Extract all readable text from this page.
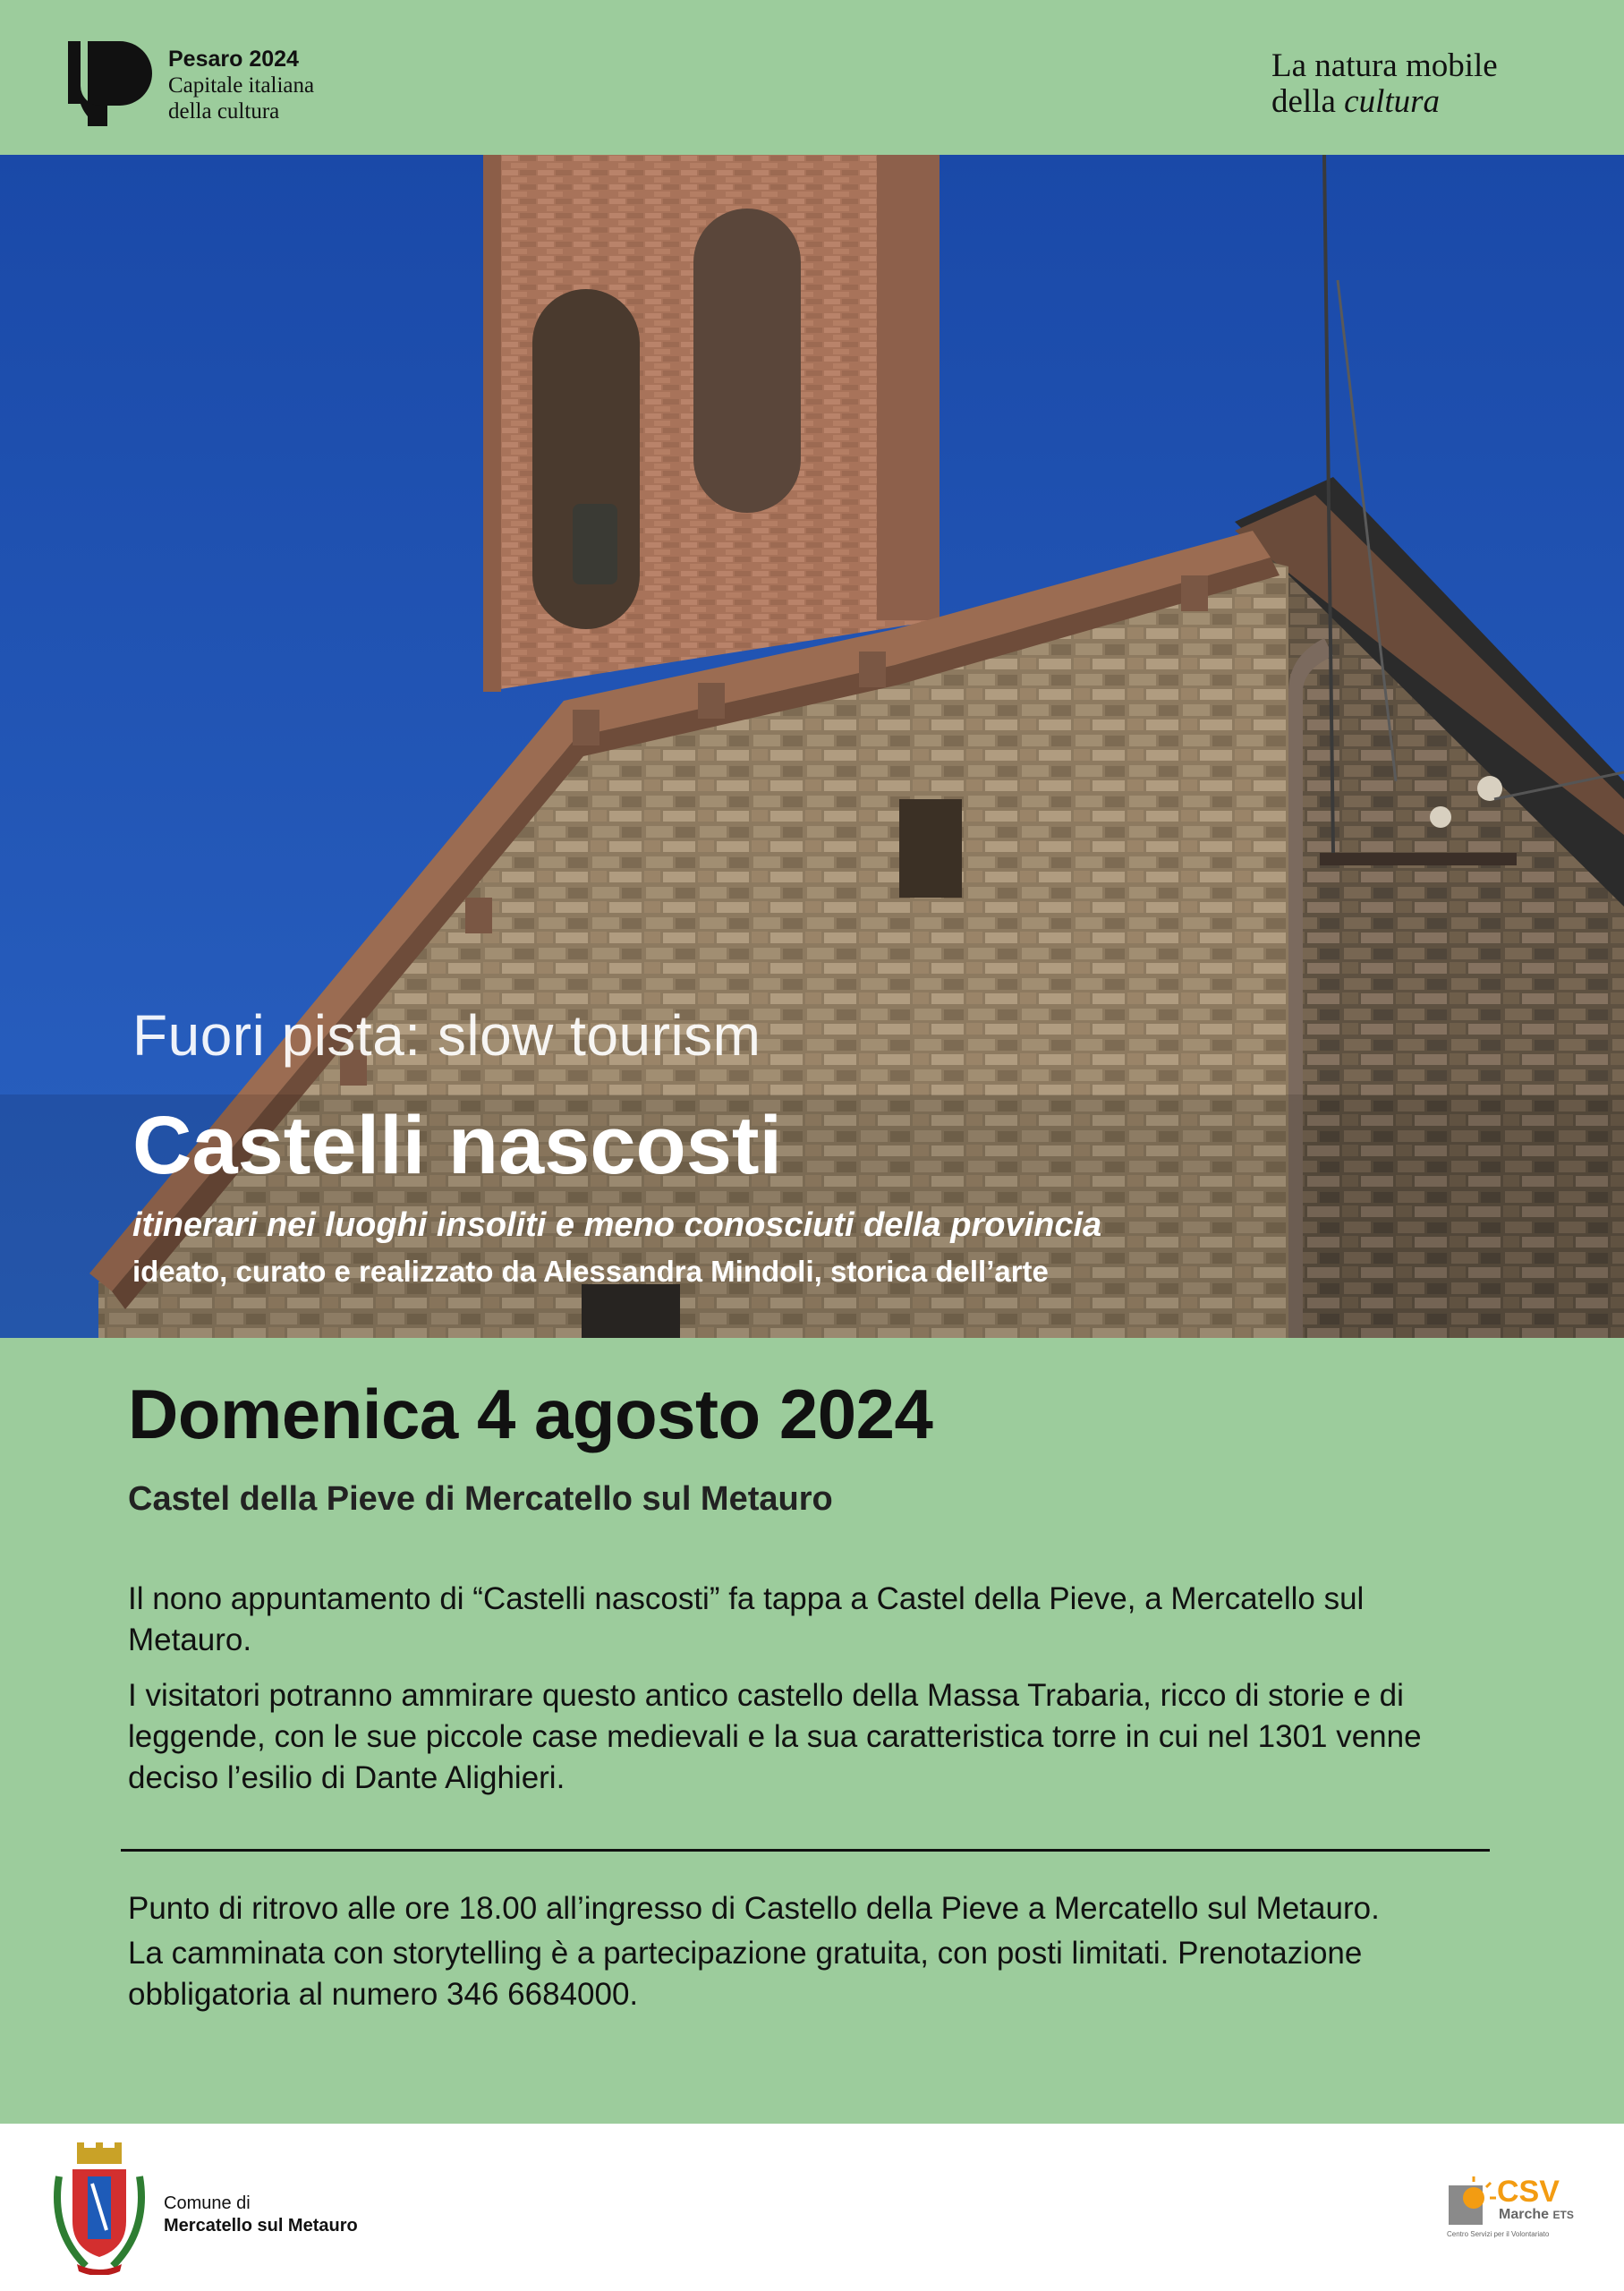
Pesaro 2024
Capitale italiana
della cultura
La natura mobile
della cultura
Fuori pista: slow tourism
Castelli nascosti
itinerari nei luoghi insoliti e meno conosciuti della provincia
ideato, curato e realizzato da Alessandra Mindoli, storica dell’arte
Domenica 4 agosto 2024
Castel della Pieve di Mercatello sul Metauro
Il nono appuntamento di “Castelli nascosti” fa tappa a Castel della Pieve, a Mercatello sul Metauro.
I visitatori potranno ammirare questo antico castello della Massa Trabaria, ricco di storie e di leggende, con le sue piccole case medievali e la sua caratteristica torre in cui nel 1301 venne deciso l’esilio di Dante Alighieri.
Punto di ritrovo alle ore 18.00 all’ingresso di Castello della Pieve a Mercatello sul Metauro.
La camminata con storytelling è a partecipazione gratuita, con posti limitati. Prenotazione obbligatoria al numero 346 6684000.
Comune di
Mercatello sul Metauro
CSV
Marche ETS
Centro Servizi per il Volontariato
